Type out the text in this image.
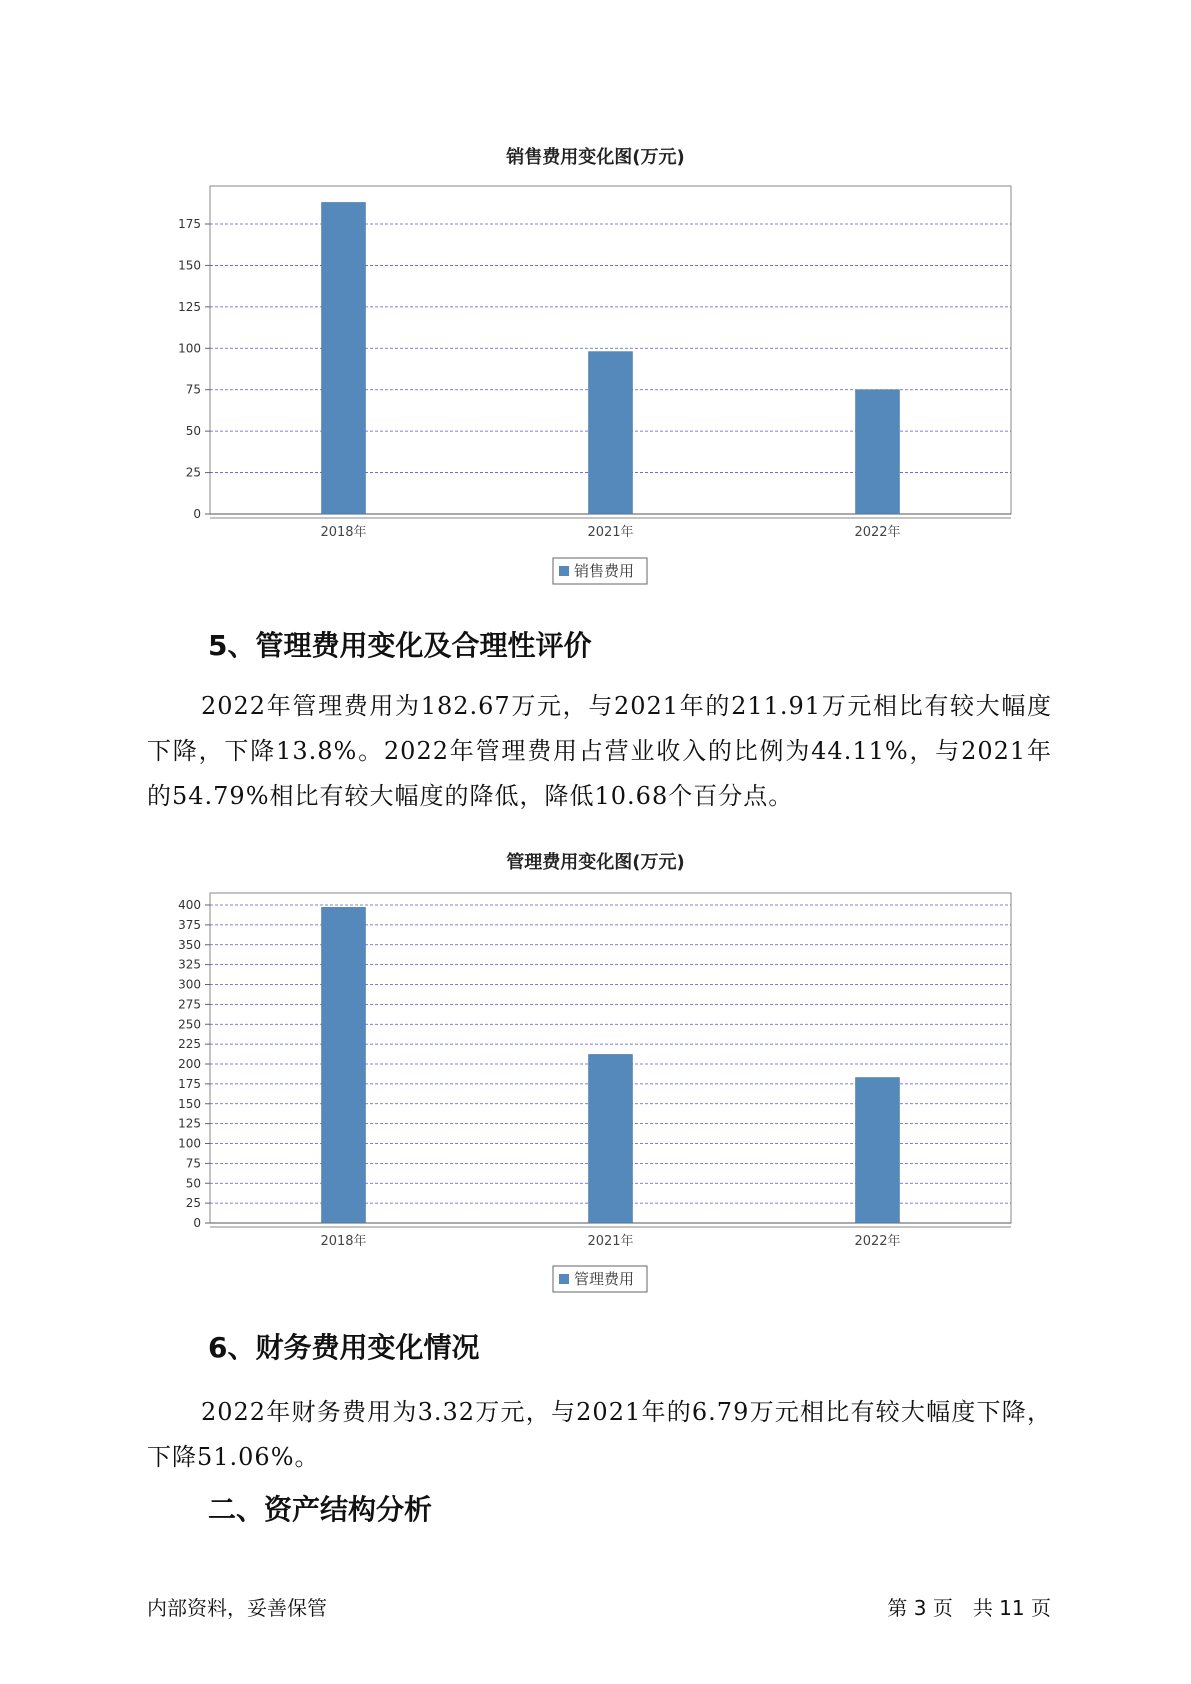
销售费用变化图(万元)
0
25
50
75
100
125
150
175
2018年	2021年	2022年
销售费用
5、管理费用变化及合理性评价
2022年管理费用为182.67万元，与2021年的211.91万元相比有较大幅度下降，下降13.8%。2022年管理费用占营业收入的比例为44.11%，与2021年的54.79%相比有较大幅度的降低，降低10.68个百分点。
管理费用变化图(万元)
0
25
50
75
100
125
150
175
200
225
250
275
300
325
350
375
400
2018年	2021年	2022年
管理费用
6、财务费用变化情况
2022年财务费用为3.32万元，与2021年的6.79万元相比有较大幅度下降，下降51.06%。
二、资产结构分析
内部资料，妥善保管	第 3 页　共 11 页
